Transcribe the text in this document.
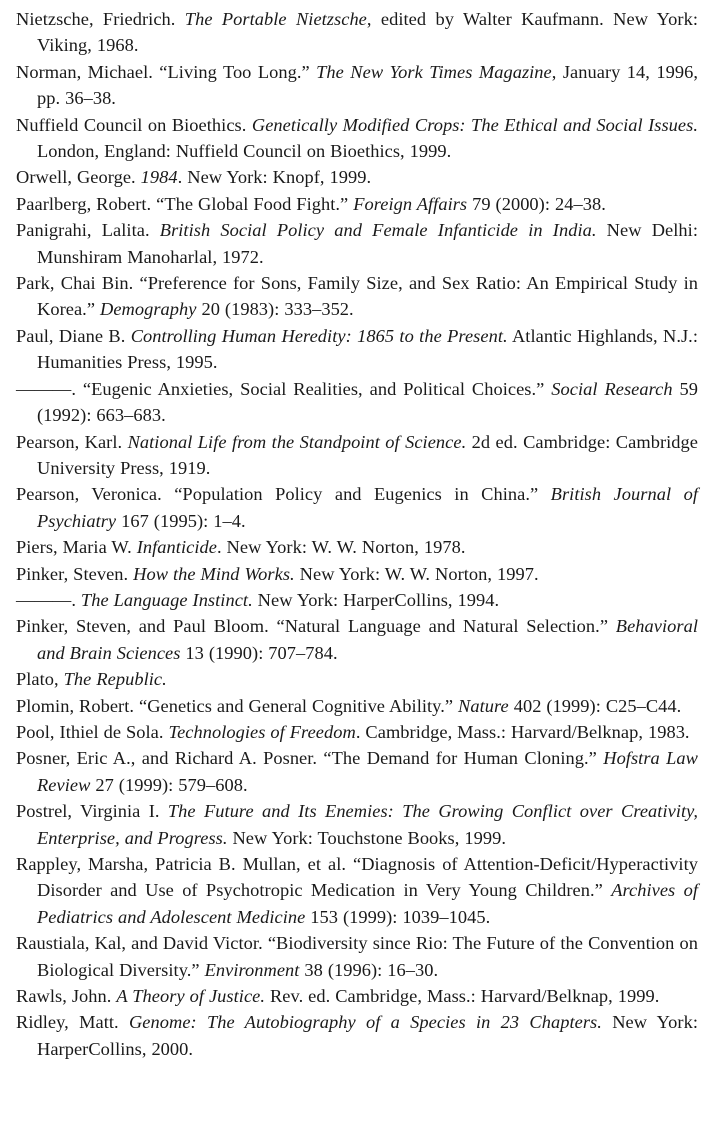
Nietzsche, Friedrich. The Portable Nietzsche, edited by Walter Kaufmann. New York: Viking, 1968.

Norman, Michael. “Living Too Long.” The New York Times Magazine, January 14, 1996, pp. 36–38.

Nuffield Council on Bioethics. Genetically Modified Crops: The Ethical and Social Issues. London, England: Nuffield Council on Bioethics, 1999.

Orwell, George. 1984. New York: Knopf, 1999.

Paarlberg, Robert. “The Global Food Fight.” Foreign Affairs 79 (2000): 24–38.

Panigrahi, Lalita. British Social Policy and Female Infanticide in India. New Delhi: Munshiram Manoharlal, 1972.

Park, Chai Bin. “Preference for Sons, Family Size, and Sex Ratio: An Empirical Study in Korea.” Demography 20 (1983): 333–352.

Paul, Diane B. Controlling Human Heredity: 1865 to the Present. Atlantic Highlands, N.J.: Humanities Press, 1995.

———. “Eugenic Anxieties, Social Realities, and Political Choices.” Social Research 59 (1992): 663–683.

Pearson, Karl. National Life from the Standpoint of Science. 2d ed. Cambridge: Cambridge University Press, 1919.

Pearson, Veronica. “Population Policy and Eugenics in China.” British Journal of Psychiatry 167 (1995): 1–4.

Piers, Maria W. Infanticide. New York: W. W. Norton, 1978.

Pinker, Steven. How the Mind Works. New York: W. W. Norton, 1997.

———. The Language Instinct. New York: HarperCollins, 1994.

Pinker, Steven, and Paul Bloom. “Natural Language and Natural Selection.” Behavioral and Brain Sciences 13 (1990): 707–784.

Plato, The Republic.

Plomin, Robert. “Genetics and General Cognitive Ability.” Nature 402 (1999): C25–C44.

Pool, Ithiel de Sola. Technologies of Freedom. Cambridge, Mass.: Harvard/Belknap, 1983.

Posner, Eric A., and Richard A. Posner. “The Demand for Human Cloning.” Hofstra Law Review 27 (1999): 579–608.

Postrel, Virginia I. The Future and Its Enemies: The Growing Conflict over Creativity, Enterprise, and Progress. New York: Touchstone Books, 1999.

Rappley, Marsha, Patricia B. Mullan, et al. “Diagnosis of Attention-Deficit/Hyperactivity Disorder and Use of Psychotropic Medication in Very Young Children.” Archives of Pediatrics and Adolescent Medicine 153 (1999): 1039–1045.

Raustiala, Kal, and David Victor. “Biodiversity since Rio: The Future of the Convention on Biological Diversity.” Environment 38 (1996): 16–30.

Rawls, John. A Theory of Justice. Rev. ed. Cambridge, Mass.: Harvard/Belknap, 1999.

Ridley, Matt. Genome: The Autobiography of a Species in 23 Chapters. New York: HarperCollins, 2000.
